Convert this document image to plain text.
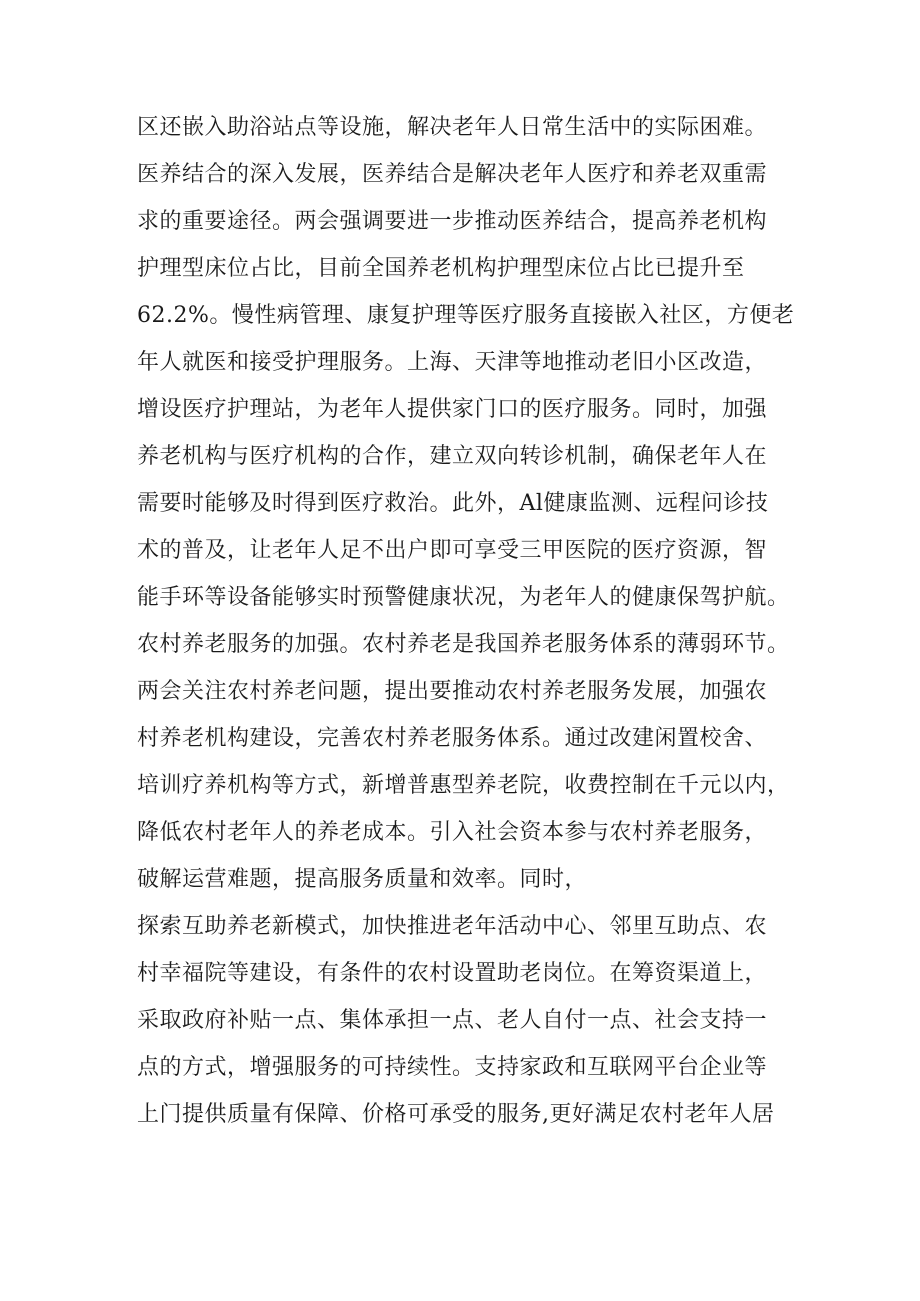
区还嵌入助浴站点等设施，解决老年人日常生活中的实际困难。
医养结合的深入发展，医养结合是解决老年人医疗和养老双重需
求的重要途径。两会强调要进一步推动医养结合，提高养老机构
护理型床位占比，目前全国养老机构护理型床位占比已提升至
62.2%。慢性病管理、康复护理等医疗服务直接嵌入社区，方便老
年人就医和接受护理服务。上海、天津等地推动老旧小区改造，
增设医疗护理站，为老年人提供家门口的医疗服务。同时，加强
养老机构与医疗机构的合作，建立双向转诊机制，确保老年人在
需要时能够及时得到医疗救治。此外，Al健康监测、远程问诊技
术的普及，让老年人足不出户即可享受三甲医院的医疗资源，智
能手环等设备能够实时预警健康状况，为老年人的健康保驾护航。
农村养老服务的加强。农村养老是我国养老服务体系的薄弱环节。
两会关注农村养老问题，提出要推动农村养老服务发展，加强农
村养老机构建设，完善农村养老服务体系。通过改建闲置校舍、
培训疗养机构等方式，新增普惠型养老院，收费控制在千元以内，
降低农村老年人的养老成本。引入社会资本参与农村养老服务，
破解运营难题，提高服务质量和效率。同时，
探索互助养老新模式，加快推进老年活动中心、邻里互助点、农
村幸福院等建设，有条件的农村设置助老岗位。在筹资渠道上，
采取政府补贴一点、集体承担一点、老人自付一点、社会支持一
点的方式，增强服务的可持续性。支持家政和互联网平台企业等
上门提供质量有保障、价格可承受的服务,更好满足农村老年人居
